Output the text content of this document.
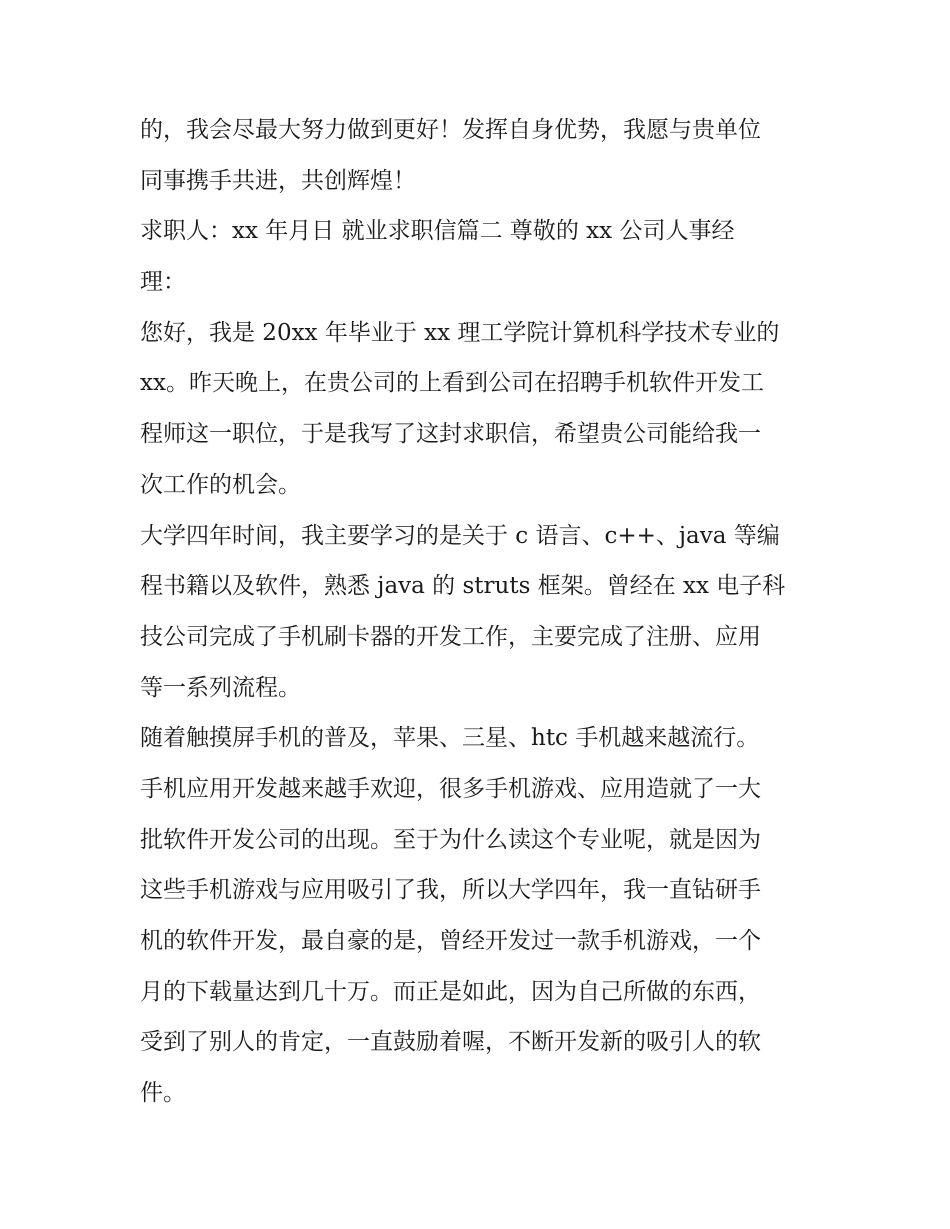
的，我会尽最大努力做到更好！发挥自身优势，我愿与贵单位
同事携手共进，共创辉煌！
求职人：xx 年月日 就业求职信篇二 尊敬的 xx 公司人事经
理：
您好，我是 20xx 年毕业于 xx 理工学院计算机科学技术专业的
xx。昨天晚上，在贵公司的上看到公司在招聘手机软件开发工
程师这一职位，于是我写了这封求职信，希望贵公司能给我一
次工作的机会。
大学四年时间，我主要学习的是关于 c 语言、c++、java 等编
程书籍以及软件，熟悉 java 的 struts 框架。曾经在 xx 电子科
技公司完成了手机刷卡器的开发工作，主要完成了注册、应用
等一系列流程。
随着触摸屏手机的普及，苹果、三星、htc 手机越来越流行。
手机应用开发越来越手欢迎，很多手机游戏、应用造就了一大
批软件开发公司的出现。至于为什么读这个专业呢，就是因为
这些手机游戏与应用吸引了我，所以大学四年，我一直钻研手
机的软件开发，最自豪的是，曾经开发过一款手机游戏，一个
月的下载量达到几十万。而正是如此，因为自己所做的东西，
受到了别人的肯定，一直鼓励着喔，不断开发新的吸引人的软
件。
